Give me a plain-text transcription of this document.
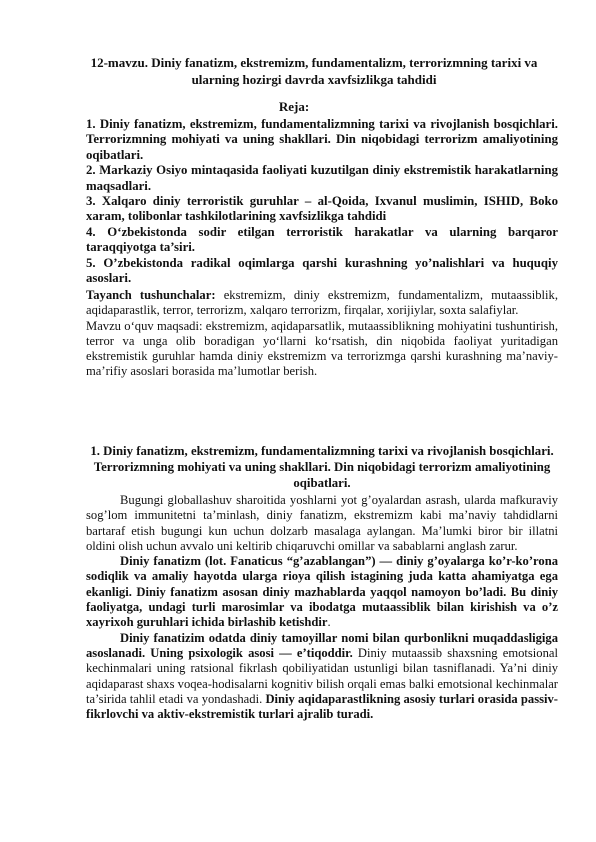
12-mavzu. Diniy fanatizm, ekstremizm, fundamentalizm, terrorizmning tarixi va ularning hozirgi davrda xavfsizlikga tahdidi
Reja:

1. Diniy fanatizm, ekstremizm, fundamentalizmning tarixi va rivojlanish bosqichlari. Terrorizmning mohiyati va uning shakllari. Din niqobidagi terrorizm amaliyotining oqibatlari.

2. Markaziy Osiyo mintaqasida faoliyati kuzutilgan diniy ekstremistik harakatlarning maqsadlari.

3. Xalqaro diniy terroristik guruhlar – al-Qoida, Ixvanul muslimin, ISHID, Boko xaram, tolibonlar tashkilotlarining xavfsizlikga tahdidi

4. O‘zbekistonda sodir etilgan terroristik harakatlar va ularning barqaror taraqqiyotga ta’siri.

5. O’zbekistonda radikal oqimlarga qarshi kurashning yo’nalishlari va huquqiy asoslari.

Tayanch tushunchalar: ekstremizm, diniy ekstremizm, fundamentalizm, mutaassiblik, aqidaparastlik, terror, terrorizm, xalqaro terrorizm, firqalar, xorijiylar, soxta salafiylar.

Mavzu o‘quv maqsadi: ekstremizm, aqidaparsatlik, mutaassiblikning mohiyatini tushuntirish, terror va unga olib boradigan yo‘llarni ko‘rsatish, din niqobida faoliyat yuritadigan ekstremistik guruhlar hamda diniy ekstremizm va terrorizmga qarshi kurashning ma’naviy-ma’rifiy asoslari borasida ma’lumotlar berish.

1. Diniy fanatizm, ekstremizm, fundamentalizmning tarixi va rivojlanish bosqichlari. Terrorizmning mohiyati va uning shakllari. Din niqobidagi terrorizm amaliyotining oqibatlari.

Bugungi globallashuv sharoitida yoshlarni yot g’oyalardan asrash, ularda mafkuraviy sog’lom immunitetni ta’minlash, diniy fanatizm, ekstremizm kabi ma’naviy tahdidlarni bartaraf etish bugungi kun uchun dolzarb masalaga aylangan. Ma’lumki biror bir illatni oldini olish uchun avvalo uni keltirib chiqaruvchi omillar va sabablarni anglash zarur.

Diniy fanatizm (lot. Fanaticus “g’azablangan”) — diniy g’oyalarga ko’r-ko’rona sodiqlik va amaliy hayotda ularga rioya qilish istagining juda katta ahamiyatga ega ekanligi. Diniy fanatizm asosan diniy mazhablarda yaqqol namoyon bo’ladi. Bu diniy faoliyatga, undagi turli marosimlar va ibodatga mutaassiblik bilan kirishish va o’z xayrixoh guruhlari ichida birlashib ketishdir.

Diniy fanatizim odatda diniy tamoyillar nomi bilan qurbonlikni muqaddasligiga asoslanadi. Uning psixologik asosi — e’tiqoddir. Diniy mutaassib shaxsning emotsional kechinmalari uning ratsional fikrlash qobiliyatidan ustunligi bilan tasniflanadi. Ya’ni diniy aqidaparast shaxs voqea-hodisalarni kognitiv bilish orqali emas balki emotsional kechinmalar ta’sirida tahlil etadi va yondashadi. Diniy aqidaparastlikning asosiy turlari orasida passiv-fikrlovchi va aktiv-ekstremistik turlari ajralib turadi.
